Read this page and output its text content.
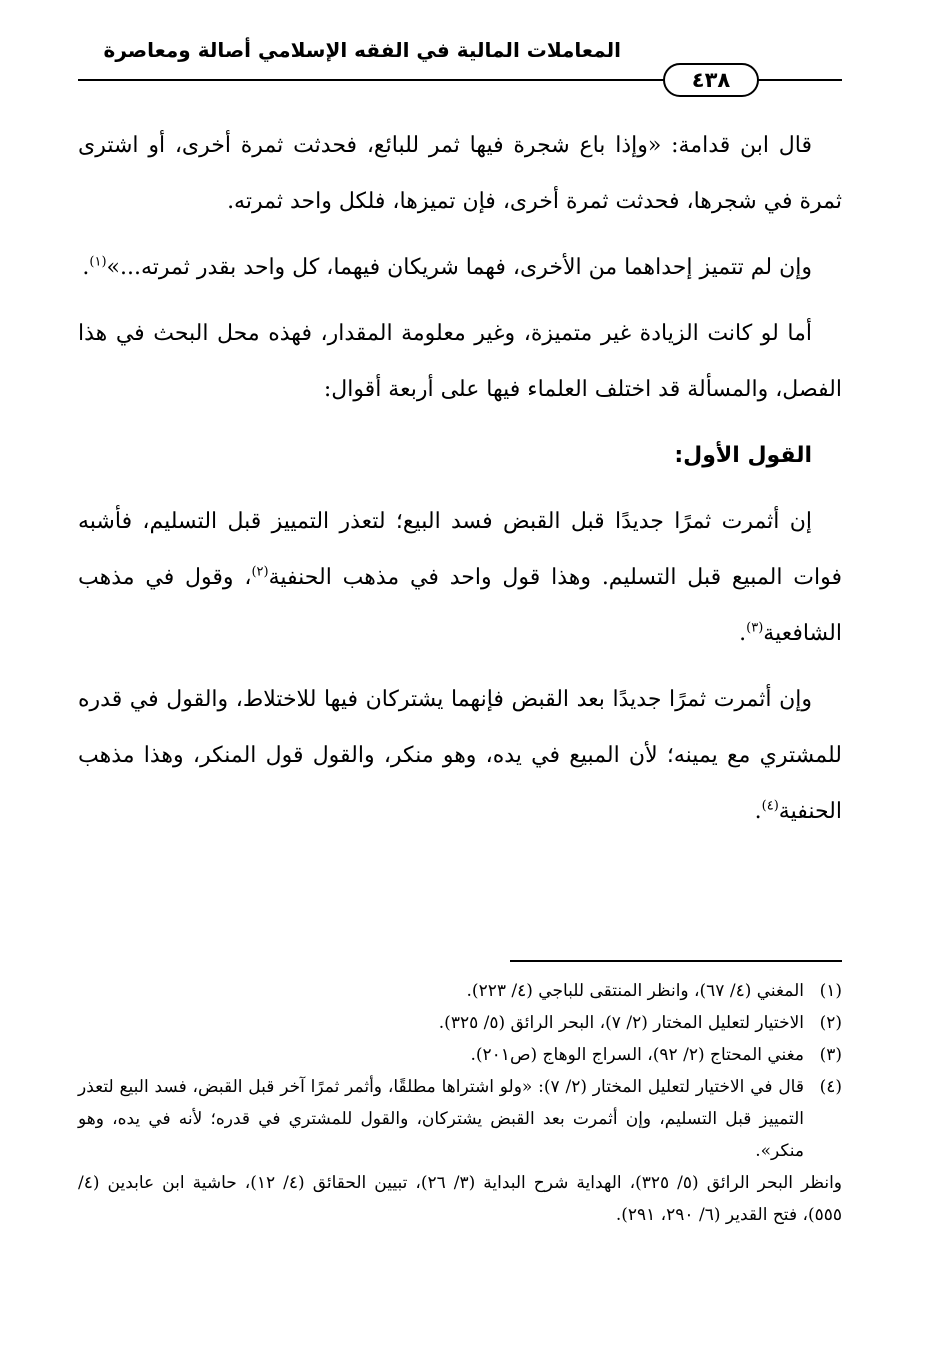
المعاملات المالية في الفقه الإسلامي أصالة ومعاصرة
٤٣٨

قال ابن قدامة: «وإذا باع شجرة فيها ثمر للبائع، فحدثت ثمرة أخرى، أو اشترى ثمرة في شجرها، فحدثت ثمرة أخرى، فإن تميزها، فلكل واحد ثمرته.

وإن لم تتميز إحداهما من الأخرى، فهما شريكان فيهما، كل واحد بقدر ثمرته...»$^{(١)}$.

أما لو كانت الزيادة غير متميزة، وغير معلومة المقدار، فهذه محل البحث في هذا الفصل، والمسألة قد اختلف العلماء فيها على أربعة أقوال:

القول الأول:

إن أثمرت ثمرًا جديدًا قبل القبض فسد البيع؛ لتعذر التمييز قبل التسليم، فأشبه فوات المبيع قبل التسليم. وهذا قول واحد في مذهب الحنفية$^{(٢)}$، وقول في مذهب الشافعية$^{(٣)}$.

وإن أثمرت ثمرًا جديدًا بعد القبض فإنهما يشتركان فيها للاختلاط، والقول في قدره للمشتري مع يمينه؛ لأن المبيع في يده، وهو منكر، والقول قول المنكر، وهذا مذهب الحنفية$^{(٤)}$.

(١)
المغني (٤/ ٦٧)، وانظر المنتقى للباجي (٤/ ٢٢٣).
(٢)
الاختيار لتعليل المختار (٢/ ٧)، البحر الرائق (٥/ ٣٢٥).
(٣)
مغني المحتاج (٢/ ٩٢)، السراج الوهاج (ص٢٠١).
(٤)
قال في الاختيار لتعليل المختار (٢/ ٧): «ولو اشتراها مطلقًا، وأثمر ثمرًا آخر قبل القبض، فسد البيع لتعذر التمييز قبل التسليم، وإن أثمرت بعد القبض يشتركان، والقول للمشتري في قدره؛ لأنه في يده، وهو منكر».
وانظر البحر الرائق (٥/ ٣٢٥)، الهداية شرح البداية (٣/ ٢٦)، تبيين الحقائق (٤/ ١٢)، حاشية ابن عابدين (٤/ ٥٥٥)، فتح القدير (٦/ ٢٩٠، ٢٩١).
